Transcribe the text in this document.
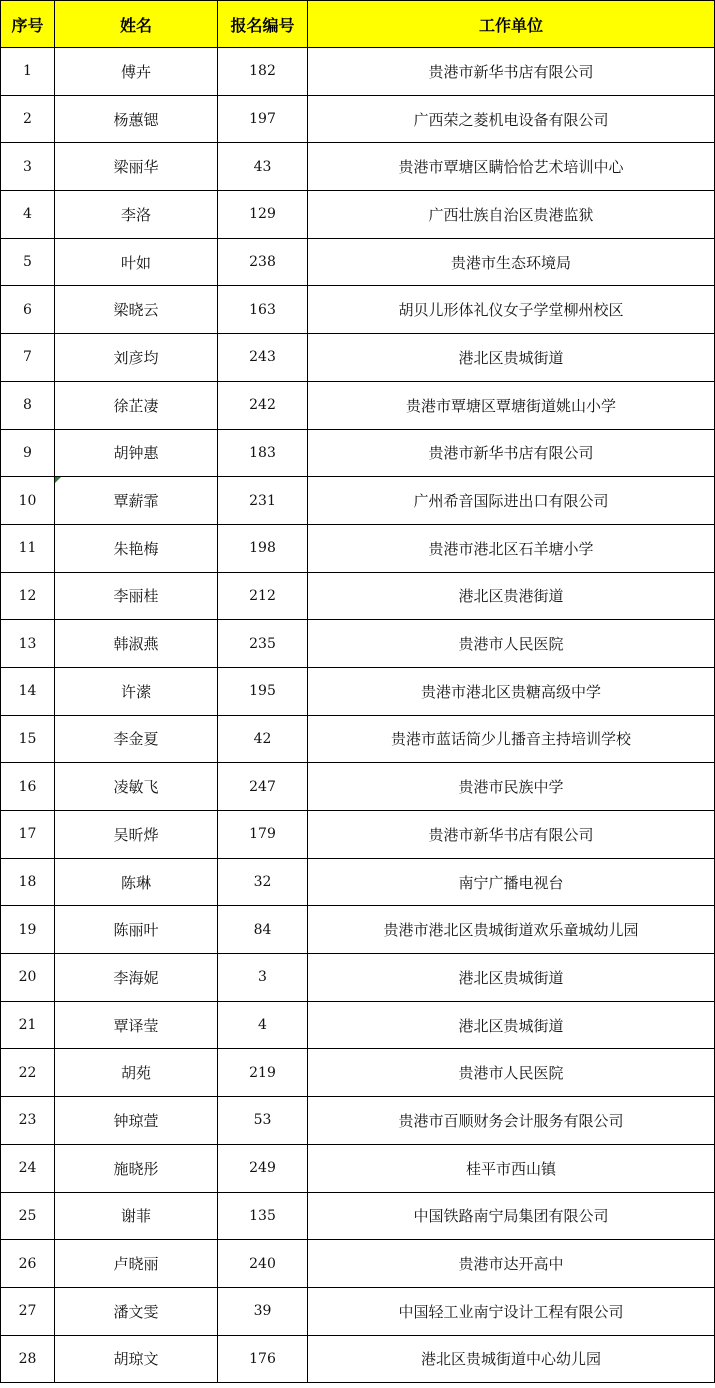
序号	姓名	报名编号	工作单位
1	傅卉	182	贵港市新华书店有限公司
2	杨蕙锶	197	广西荣之菱机电设备有限公司
3	梁丽华	43	贵港市覃塘区瞒恰恰艺术培训中心
4	李洛	129	广西壮族自治区贵港监狱
5	叶如	238	贵港市生态环境局
6	梁晓云	163	胡贝儿形体礼仪女子学堂柳州校区
7	刘彦均	243	港北区贵城街道
8	徐芷凄	242	贵港市覃塘区覃塘街道姚山小学
9	胡钟惠	183	贵港市新华书店有限公司
10	覃薪霏	231	广州希音国际进出口有限公司
11	朱艳梅	198	贵港市港北区石羊塘小学
12	李丽桂	212	港北区贵港街道
13	韩淑燕	235	贵港市人民医院
14	许潆	195	贵港市港北区贵糖高级中学
15	李金夏	42	贵港市蓝话筒少儿播音主持培训学校
16	凌敏飞	247	贵港市民族中学
17	吴昕烨	179	贵港市新华书店有限公司
18	陈琳	32	南宁广播电视台
19	陈丽叶	84	贵港市港北区贵城街道欢乐童城幼儿园
20	李海妮	3	港北区贵城街道
21	覃译莹	4	港北区贵城街道
22	胡苑	219	贵港市人民医院
23	钟琼萱	53	贵港市百顺财务会计服务有限公司
24	施晓彤	249	桂平市西山镇
25	谢菲	135	中国铁路南宁局集团有限公司
26	卢晓丽	240	贵港市达开高中
27	潘文雯	39	中国轻工业南宁设计工程有限公司
28	胡琼文	176	港北区贵城街道中心幼儿园
